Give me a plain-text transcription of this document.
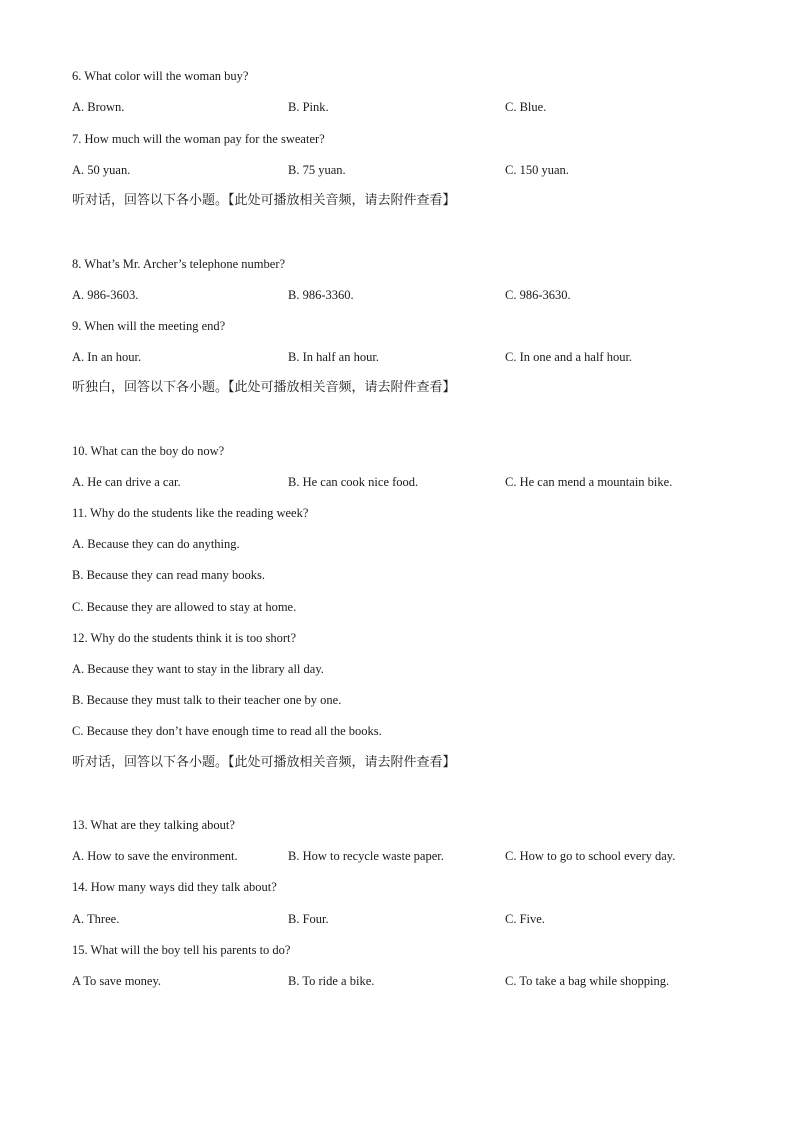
6. What color will the woman buy?
A. Brown.	B. Pink.	C. Blue.
7. How much will the woman pay for the sweater?
A. 50 yuan.	B. 75 yuan.	C. 150 yuan.
听对话，回答以下各小题。【此处可播放相关音频，请去附件查看】
8. What’s Mr. Archer’s telephone number?
A. 986-3603.	B. 986-3360.	C. 986-3630.
9. When will the meeting end?
A. In an hour.	B. In half an hour.	C. In one and a half hour.
听独白，回答以下各小题。【此处可播放相关音频，请去附件查看】
10. What can the boy do now?
A. He can drive a car.	B. He can cook nice food.	C. He can mend a mountain bike.
11. Why do the students like the reading week?
A. Because they can do anything.
B. Because they can read many books.
C. Because they are allowed to stay at home.
12. Why do the students think it is too short?
A. Because they want to stay in the library all day.
B. Because they must talk to their teacher one by one.
C. Because they don’t have enough time to read all the books.
听对话，回答以下各小题。【此处可播放相关音频，请去附件查看】
13. What are they talking about?
A. How to save the environment.	B. How to recycle waste paper.	C. How to go to school every day.
14. How many ways did they talk about?
A. Three.	B. Four.	C. Five.
15. What will the boy tell his parents to do?
A To save money.	B. To ride a bike.	C. To take a bag while shopping.
